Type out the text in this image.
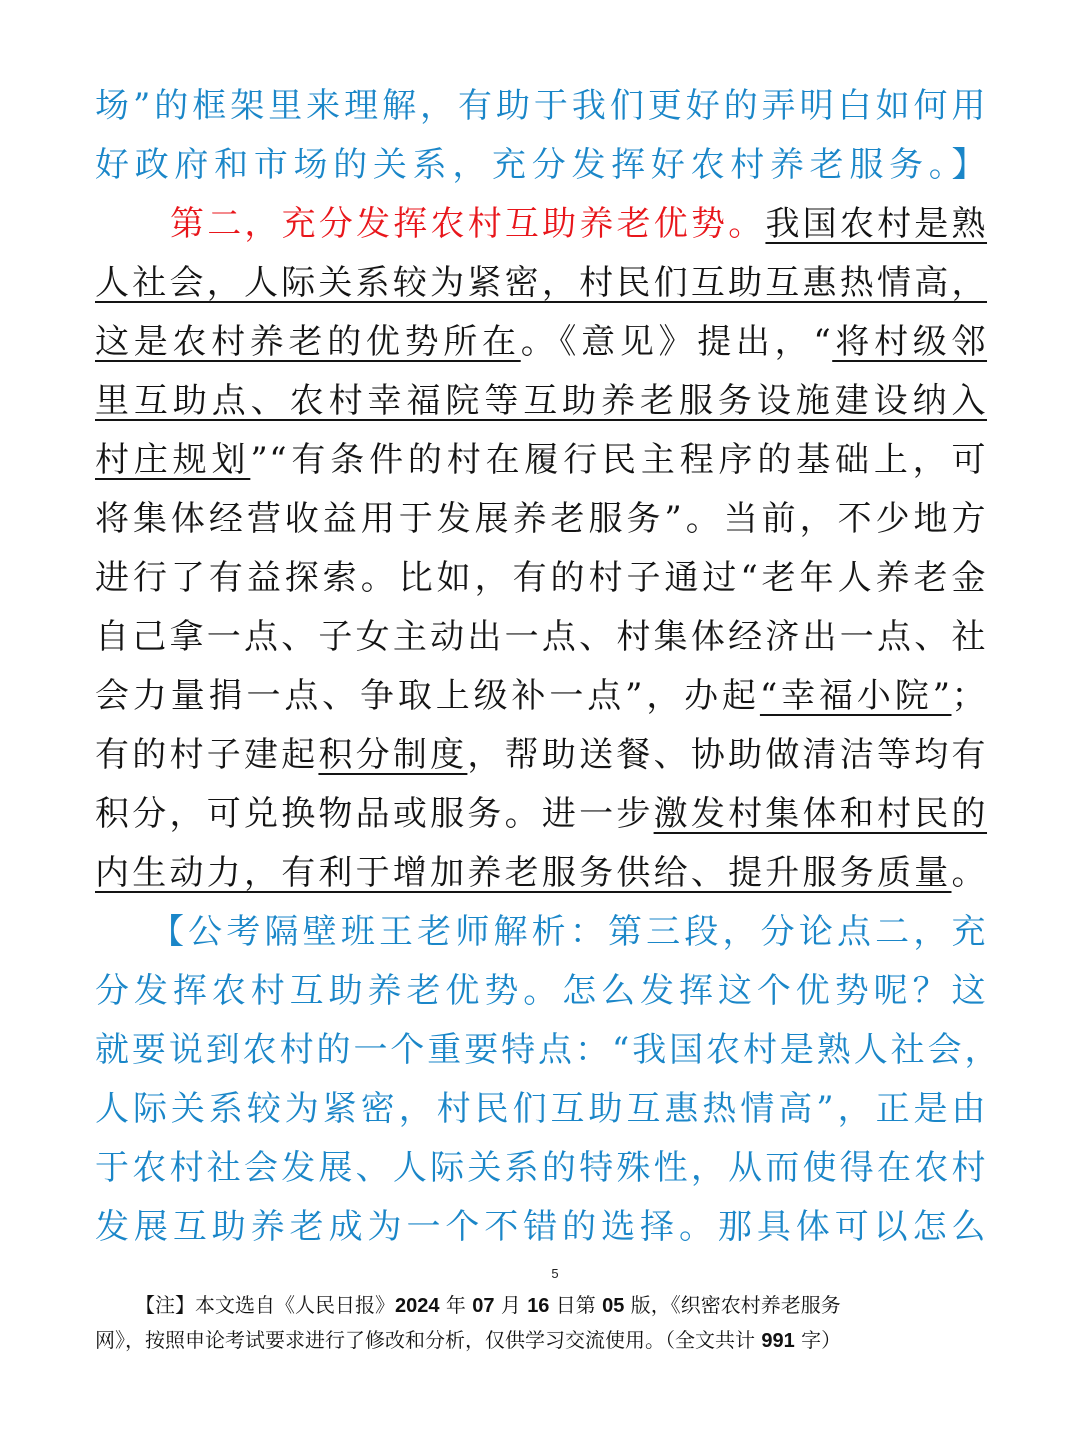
场”的框架里来理解，有助于我们更好的弄明白如何用
好政府和市场的关系，充分发挥好农村养老服务。】
第二，充分发挥农村互助养老优势。我国农村是熟
人社会，人际关系较为紧密，村民们互助互惠热情高，
这是农村养老的优势所在。《意见》提出，“将村级邻
里互助点、农村幸福院等互助养老服务设施建设纳入
村庄规划”“有条件的村在履行民主程序的基础上，可
将集体经营收益用于发展养老服务”。当前，不少地方
进行了有益探索。比如，有的村子通过“老年人养老金
自己拿一点、子女主动出一点、村集体经济出一点、社
会力量捐一点、争取上级补一点”，办起“幸福小院”；
有的村子建起积分制度，帮助送餐、协助做清洁等均有
积分，可兑换物品或服务。进一步激发村集体和村民的
内生动力，有利于增加养老服务供给、提升服务质量。
【公考隔壁班王老师解析：第三段，分论点二，充
分发挥农村互助养老优势。怎么发挥这个优势呢？这
就要说到农村的一个重要特点：“我国农村是熟人社会，
人际关系较为紧密，村民们互助互惠热情高”，正是由
于农村社会发展、人际关系的特殊性，从而使得在农村
发展互助养老成为一个不错的选择。那具体可以怎么
5
【注】本文选自《人民日报》2024 年 07 月 16 日第 05 版，《织密农村养老服务
网》，按照申论考试要求进行了修改和分析，仅供学习交流使用。（全文共计 991 字）
